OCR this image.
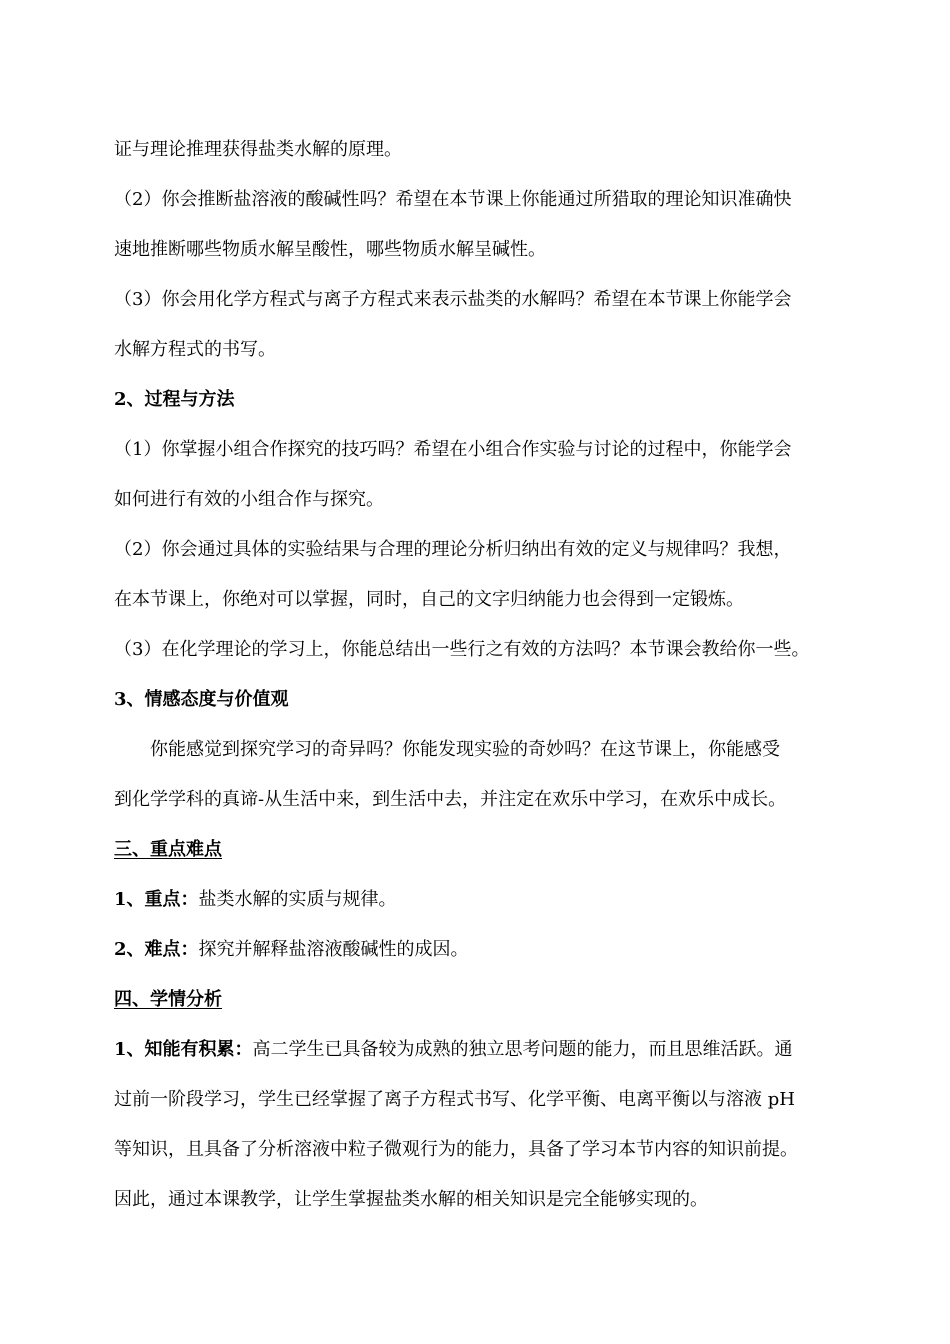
证与理论推理获得盐类水解的原理。
（2）你会推断盐溶液的酸碱性吗？希望在本节课上你能通过所猎取的理论知识准确快
速地推断哪些物质水解呈酸性，哪些物质水解呈碱性。
（3）你会用化学方程式与离子方程式来表示盐类的水解吗？希望在本节课上你能学会
水解方程式的书写。
2、过程与方法
（1）你掌握小组合作探究的技巧吗？希望在小组合作实验与讨论的过程中，你能学会
如何进行有效的小组合作与探究。
（2）你会通过具体的实验结果与合理的理论分析归纳出有效的定义与规律吗？我想，
在本节课上，你绝对可以掌握，同时，自己的文字归纳能力也会得到一定锻炼。
（3）在化学理论的学习上，你能总结出一些行之有效的方法吗？本节课会教给你一些。
3、情感态度与价值观
你能感觉到探究学习的奇异吗？你能发现实验的奇妙吗？在这节课上，你能感受
到化学学科的真谛-从生活中来，到生活中去，并注定在欢乐中学习，在欢乐中成长。
三、重点难点
1、重点：盐类水解的实质与规律。
2、难点：探究并解释盐溶液酸碱性的成因。
四、学情分析
1、知能有积累：高二学生已具备较为成熟的独立思考问题的能力，而且思维活跃。通
过前一阶段学习，学生已经掌握了离子方程式书写、化学平衡、电离平衡以与溶液 pH
等知识，且具备了分析溶液中粒子微观行为的能力，具备了学习本节内容的知识前提。
因此，通过本课教学，让学生掌握盐类水解的相关知识是完全能够实现的。
